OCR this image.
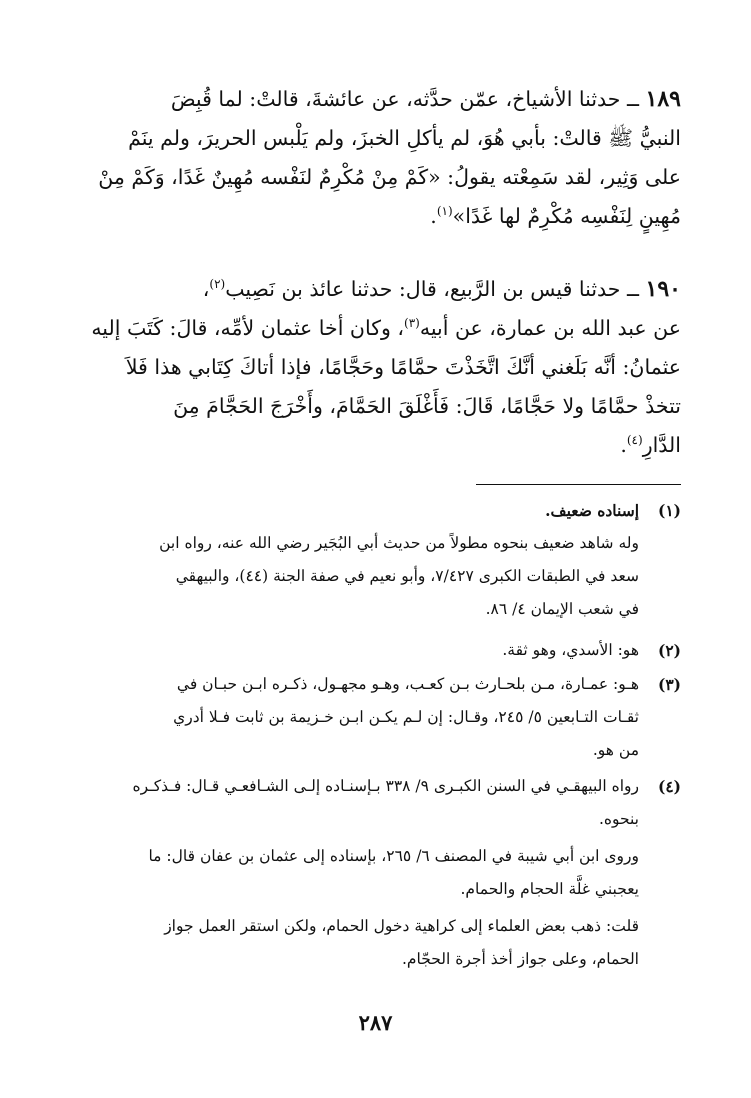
١٨٩ ــ حدثنا الأشياخ، عمّن حدَّثه، عن عائشةَ، قالتْ: لما قُبِضَ
النبيُّ ﷺ قالتْ: بأبي هُوَ، لم يأكلِ الخبزَ، ولم يَلْبس الحريرَ، ولم ينَمْ
على وَثِير، لقد سَمِعْته يقولُ: «كَمْ مِنْ مُكْرِمٌ لنَفْسه مُهِينٌ غَدًا، وَكَمْ مِنْ
مُهِينٍ لِنَفْسِه مُكْرِمٌ لها غَدًا»$^{(١)}$.

١٩٠ ــ حدثنا قيس بن الرَّبيع، قال: حدثنا عائذ بن نَصِيب$^{(٢)}$،
عن عبد الله بن عمارة، عن أبيه$^{(٣)}$، وكان أخا عثمان لأمِّه، قالَ: كَتَبَ إليه
عثمانُ: أنَّه بَلَغني أنَّكَ اتَّخَذْتَ حمَّامًا وحَجَّامًا، فإذا أتاكَ كِتَابي هذا فَلاَ
تتخذْ حمَّامًا ولا حَجَّامًا، قَالَ: فَأَغْلَقَ الحَمَّامَ، وأَخْرَجَ الحَجَّامَ مِنَ
الدَّارِ$^{(٤)}$.

(١)
إسناده ضعيف.
وله شاهد ضعيف بنحوه مطولاً من حديث أبي البُجَير رضي الله عنه، رواه ابن
سعد في الطبقات الكبرى ٧/٤٢٧، وأبو نعيم في صفة الجنة (٤٤)، والبيهقي
في شعب الإيمان ٤/ ٨٦.
(٢)
هو: الأسدي، وهو ثقة.
(٣)
هـو: عمـارة، مـن بلحـارث بـن كعـب، وهـو مجهـول، ذكـره ابـن حبـان في
ثقـات التـابعين ٥/ ٢٤٥، وقـال: إن لـم يكـن ابـن خـزيمة بن ثابت فـلا أدري
من هو.
(٤)
رواه البيهقـي في السنن الكبـرى ٩/ ٣٣٨ بـإسنـاده إلـى الشـافعـي قـال: فـذكـره
بنحوه.
وروى ابن أبي شيبة في المصنف ٦/ ٢٦٥، بإسناده إلى عثمان بن عفان قال: ما
يعجبني غلَّة الحجام والحمام.
قلت: ذهب بعض العلماء إلى كراهية دخول الحمام، ولكن استقر العمل جواز
الحمام، وعلى جواز أخذ أجرة الحجّام.
٢٨٧
